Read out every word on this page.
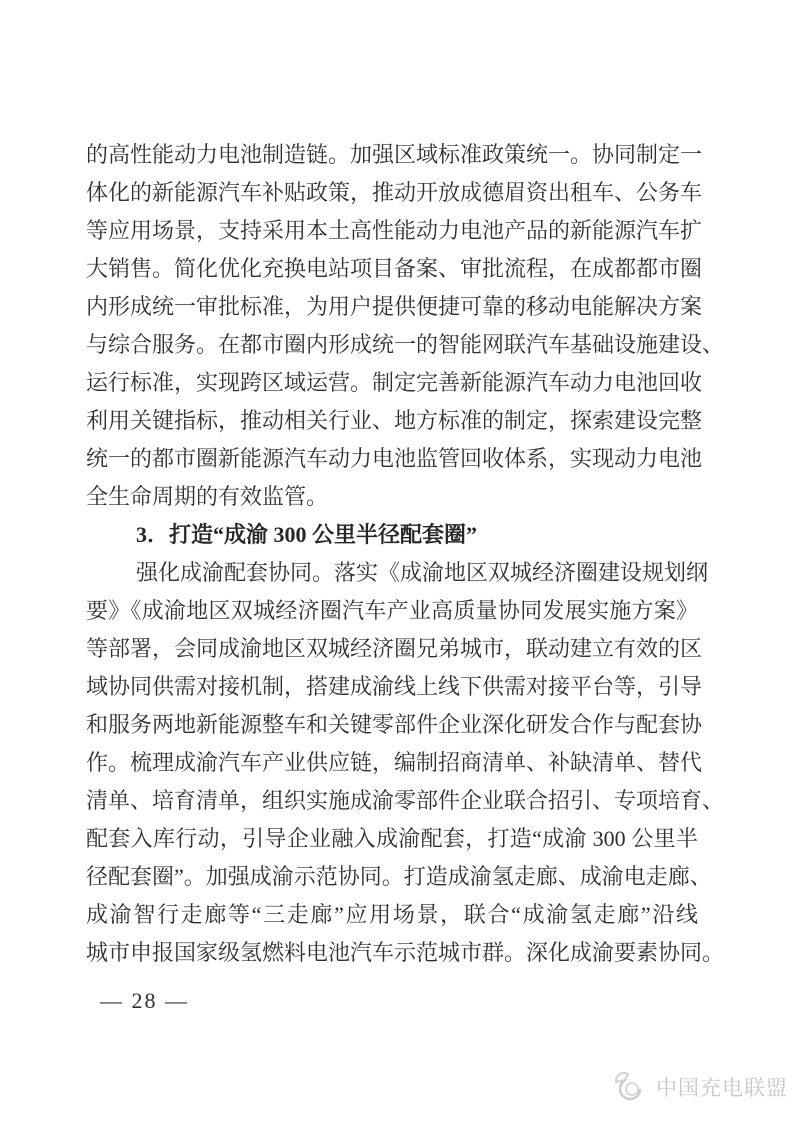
的高性能动力电池制造链。加强区域标准政策统一。协同制定一
体化的新能源汽车补贴政策，推动开放成德眉资出租车、公务车
等应用场景，支持采用本土高性能动力电池产品的新能源汽车扩
大销售。简化优化充换电站项目备案、审批流程，在成都都市圈
内形成统一审批标准，为用户提供便捷可靠的移动电能解决方案
与综合服务。在都市圈内形成统一的智能网联汽车基础设施建设、
运行标准，实现跨区域运营。制定完善新能源汽车动力电池回收
利用关键指标，推动相关行业、地方标准的制定，探索建设完整
统一的都市圈新能源汽车动力电池监管回收体系，实现动力电池
全生命周期的有效监管。
3．打造“成渝 300 公里半径配套圈”
强化成渝配套协同。落实《成渝地区双城经济圈建设规划纲
要》《成渝地区双城经济圈汽车产业高质量协同发展实施方案》
等部署，会同成渝地区双城经济圈兄弟城市，联动建立有效的区
域协同供需对接机制，搭建成渝线上线下供需对接平台等，引导
和服务两地新能源整车和关键零部件企业深化研发合作与配套协
作。梳理成渝汽车产业供应链，编制招商清单、补缺清单、替代
清单、培育清单，组织实施成渝零部件企业联合招引、专项培育、
配套入库行动，引导企业融入成渝配套，打造“成渝 300 公里半
径配套圈”。加强成渝示范协同。打造成渝氢走廊、成渝电走廊、
成渝智行走廊等“三走廊”应用场景，联合“成渝氢走廊”沿线
城市申报国家级氢燃料电池汽车示范城市群。深化成渝要素协同。
— 28 —
中国充电联盟
